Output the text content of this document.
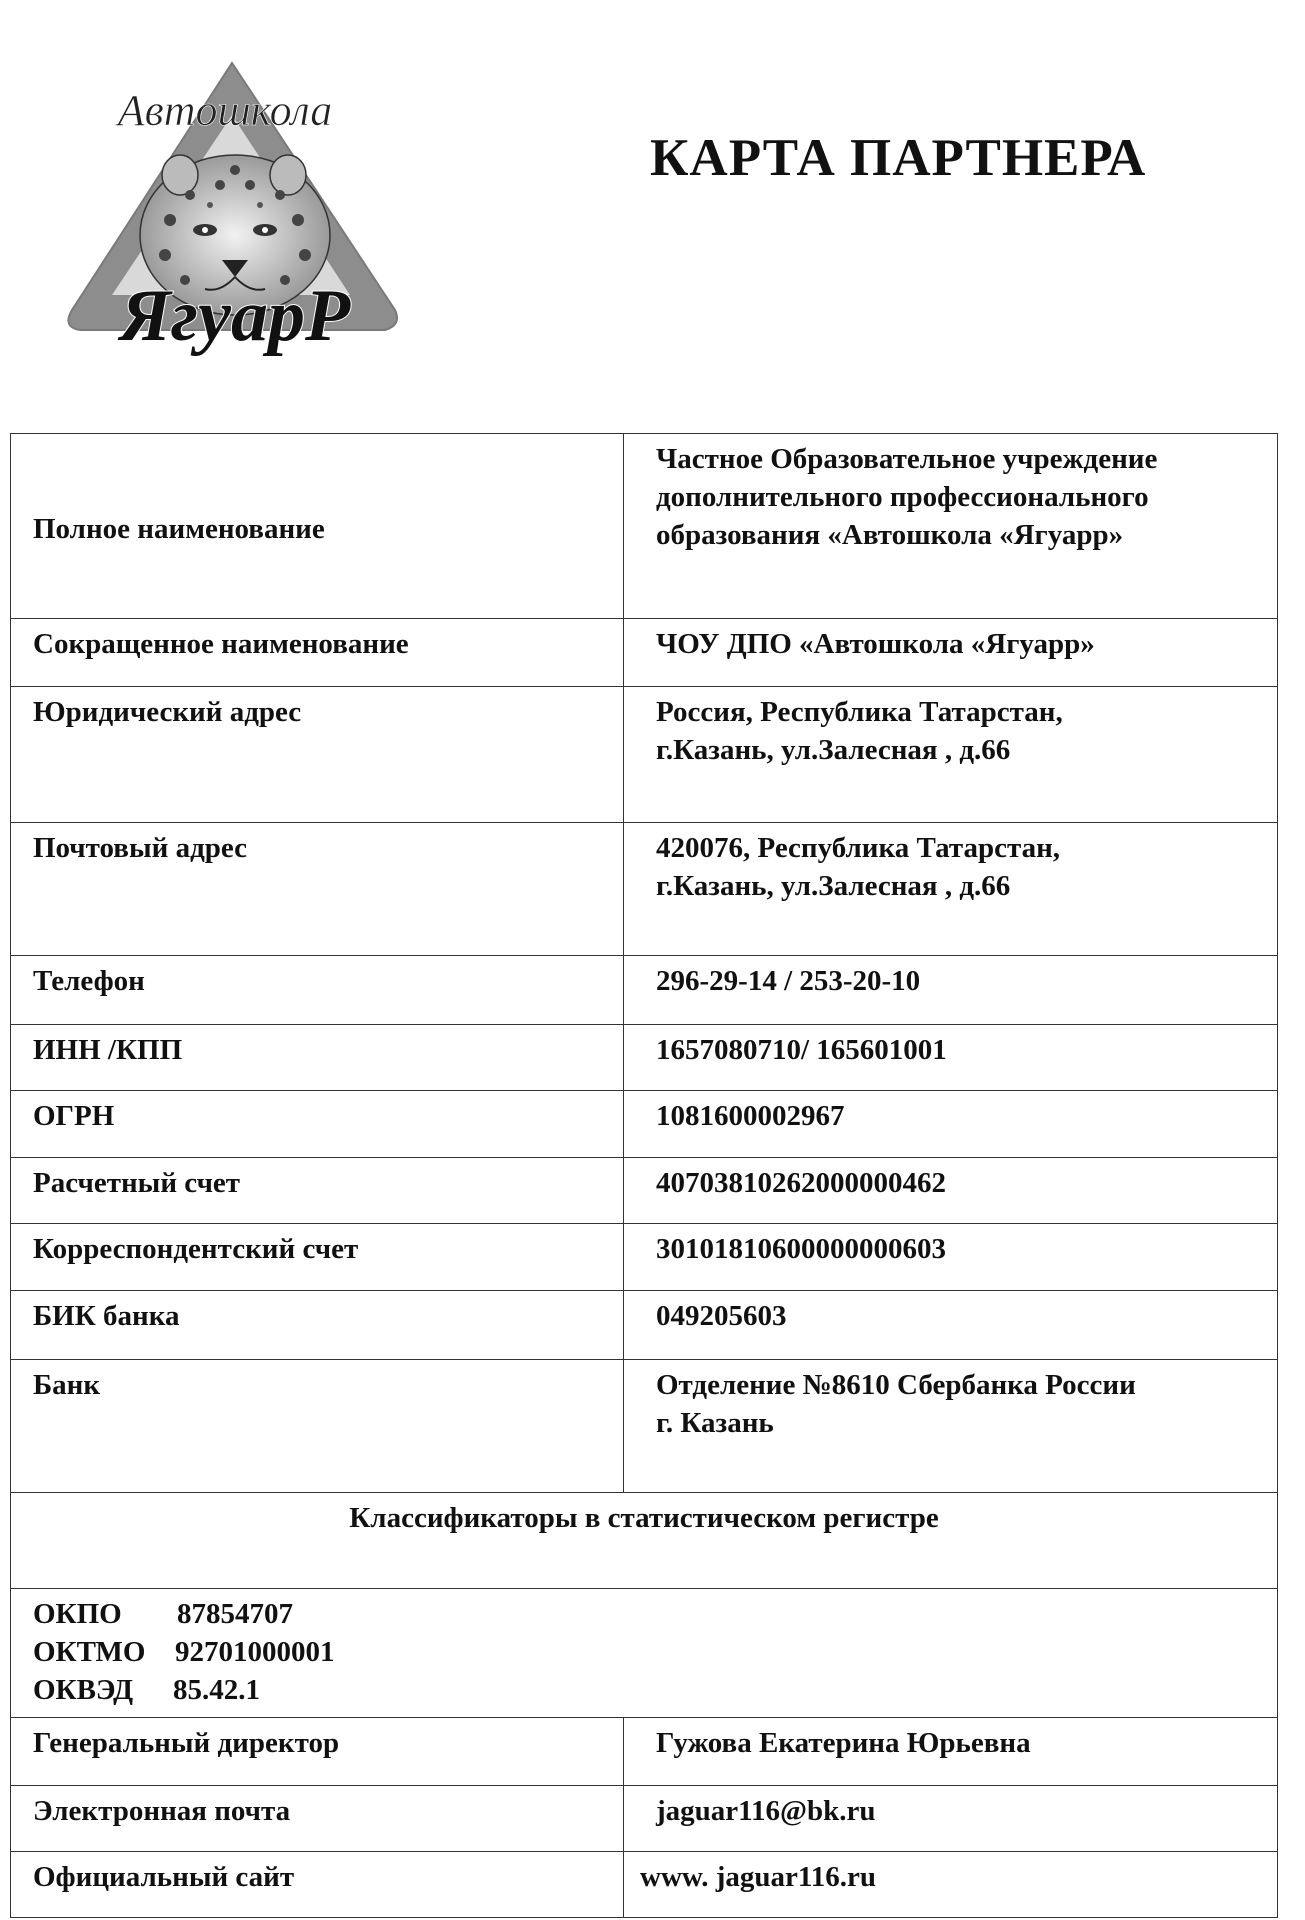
Автошкола
ЯгуарР
КАРТА ПАРТНЕРА
Полное наименование	Частное Образовательное учреждение
дополнительного профессионального
образования «Автошкола «Ягуарр»

Сокращенное наименование	ЧОУ ДПО «Автошкола «Ягуарр»
Юридический адрес	Россия, Республика Татарстан,
г.Казань, ул.Залесная , д.66

Почтовый адрес	420076, Республика Татарстан,
г.Казань, ул.Залесная , д.66

Телефон	296-29-14 / 253-20-10
ИНН /КПП	1657080710/ 165601001
ОГРН	1081600002967
Расчетный счет	40703810262000000462
Корреспондентский счет	30101810600000000603
БИК банка	049205603
Банк	Отделение №8610 Сбербанка России
г. Казань

Классификаторы в статистическом регистре	

ОКПО 87854707
ОКТМО 92701000001
ОКВЭД 85.42.1	

Генеральный директор	Гужова Екатерина Юрьевна
Электронная почта	jaguar116@bk.ru
Официальный сайт	www. jaguar116.ru
